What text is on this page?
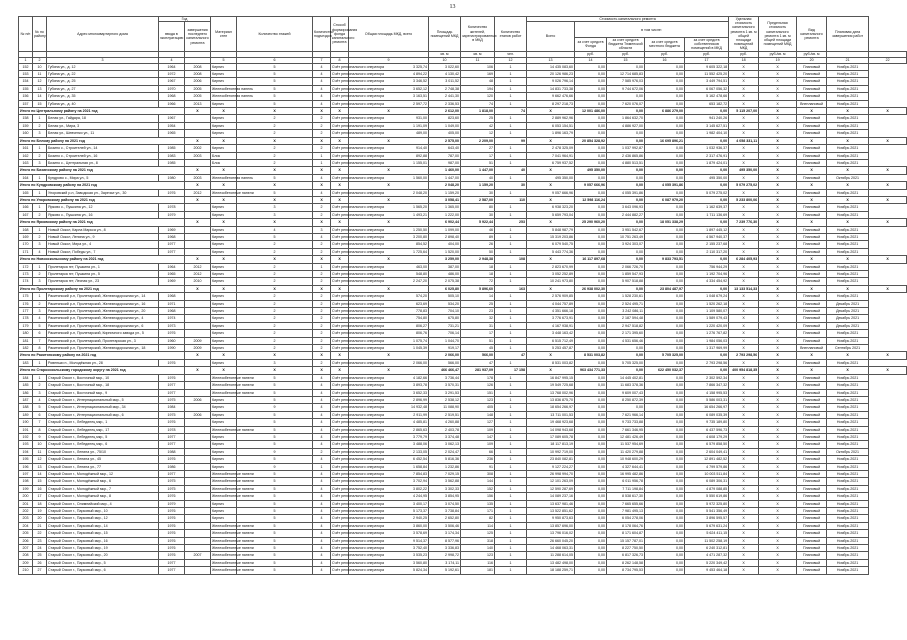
13
№ п/п	№ по району	Адрес многоквартирного дома	Год		Материал стен	Количество этажей	Количество подъездов	Способ формирования фонда капитального ремонта	Общая площадь МКД, всего	Площадь помещений МКД	Количество жителей, зарегистрированных в МКД	Количество этапов работ	Стоимость капитального ремонта					Удельная стоимость капитального ремонта 1 кв. м общей площади помещений МКД	Предельная стоимость капитального ремонта 1 кв. м общей площади помещений МКД	Вид капитального ремонта	Плановая дата завершения работ	
			ввода в эксплуатацию	завершения последнего капитального ремонта									Всего	в том числе:								
														за счет средств Фонда	за счет средств бюджета Тюменской области	за счет средств местного бюджета	за счет средств собственников помещений в МКД					
										кв. м	кв. м	чел.		руб.	руб.	руб.	руб.	руб.	руб./кв. м	руб./кв. м		
1	2	3	4		5	6	7	8	9	10	11	12	13	14	15	16	17	18	19	20	21	22
152	10	Губина ул., д. 12	1964	2008	Кирпич	5	4	Счёт регионального оператора	3 325,74	3 022,60	106	1	14 435 083,60	0,00	0,00	0,00	9 605 322,18	X	X	Плановый	Ноябрь 2021	
153	11	Губина ул., д. 22	1972	2008	Кирпич	5	4	Счёт регионального оператора	4 894,22	4 130,42	169	1	20 126 986,23	0,00	12 714 685,83	0,00	11 552 425,20	X	X	Плановый	Ноябрь 2021	
154	12	Губина ул., д. 25	1967	2006	Кирпич	5	4	Счёт регионального оператора	3 346,52	3 011,52	48	1	9 026 796,14	0,00	7 585 976,03	0,00	3 449 794,51	X	X	Плановый	Ноябрь 2021	
155	13	Губина ул., д. 27	1970	2005	Железобетонная панель	5	4	Счёт регионального оператора	3 652,12	2 748,38	194	1	14 831 733,38	0,00	9 744 672,06	0,00	6 067 056,32	X	X	Плановый	Ноябрь 2021	
156	14	Губина ул., д. 35	1968	2005	Железобетонная панель	5	4	Счёт регионального оператора	3 163,51	2 441,30	120	1	9 662 476,66	0,00	0,00	0,00	5 162 478,66	X	X	Плановый	Ноябрь 2021	
157	15	Губина ул., д. 40	1966	2013	Кирпич	5	4	Счёт регионального оператора	2 597,72	2 336,53	74	1	8 297 218,73	0,00	7 620 076,07	0,00	653 182,72	X	X	Внеплановый	Ноябрь 2021	
Итого по Центральному району на 2021 год				X	X	X	X	X	X	2 612,00	1 818,00	74	X	12 001 486,00	0,00	6 886 279,00	0,00	5 115 207,00	X	X	X	X
158	1	Белая ул., Гайдара, 18	1967		Кирпич	2	2	Счёт регионального оператора	931,00	823,60	25	1	2 889 962,96	0,00	1 864 632,70	0,00	941 240,26	X	X	Плановый	Ноябрь 2021	
159	2	Белая ул., Мира, 3	1954		Кирпич	2	2	Счёт регионального оператора	1 191,09	1 049,00	42	1	6 053 154,51	0,00	4 886 927,00	0,00	3 145 627,51	X	X	Плановый	Ноябрь 2021	
160	3	Белая ул., Шевченко ул., 11	1965		Кирпич	2	2	Счёт регионального оператора	489,00	405,00	12	1	1 896 163,79	0,00	0,00	0,00	1 982 404,10	X	X	Плановый	Ноябрь 2021	
Итого по Белому району на 2021 год				X	X	X	X	X	X	2 575,00	2 209,00	99	X	20 854 328,92	0,00	16 695 896,21	0,00	4 058 331,11	X	X	X	X
161	1	Бизино с., Строителей ул., 14	1985	2002	Кирпич	2	2	Счёт регионального оператора	914,40	643,40	27	1	2 478 325,09	0,00	1 037 992,87	0,00	1 032 936,37	X	X	Плановый	Ноябрь 2021	
162	2	Бизино с., Строителей ул., 16	1983	2003	Блок	2	1	Счёт регионального оператора	892,88	787,00	17	1	7 041 964,91	0,00	2 436 865,86	0,00	2 317 476,91	X	X	Плановый	Ноябрь 2021	
163	3	Бизино с., Центральная ул., 8	1985		Блок	2	1	Счёт регионального оператора	1 155,01	987,00	51	1	6 759 937,52	0,00	4 880 513,51	0,00	1 879 424,01	X	X	Плановый	Ноябрь 2021	
Итого по Бизинскому району на 2021 год				X	X	X	X	X	X	1 460,00	1 447,00	40	X	495 350,00	0,00	0,00	0,00	495 350,00	X	X	X	X
164	1	Кундрово с., Мира ул., 5	1980	2003	Железобетонная панель	5	4	Счёт регионального оператора	1 560,00	1 447,00	40	1	495 350,00	0,00	0,00	0,00	495 350,00	X	X	Плановый	Октябрь 2021	
Итого по Кундровскому району на 2021 год				X	X	X	X	X	X	2 048,20	1 159,20	30	X	9 057 666,96	0,00	4 055 391,86	0,00	5 079 275,02	X	X	X	X
165	1	Упоровский р-н, Заводская ул., Заречье ул., 30	1976	2012	Железобетонные панели	5	4	Счёт регионального оператора	2 048,20	1 159,20	30	1	9 057 666,96	0,00	4 055 391,86	0,00	5 079 275,02	X	X	Плановый	Ноябрь 2021	
Итого по Упоровскому району на 2021 год				X	X	X	X	X	X	3 058,41	2 587,00	110	X	12 598 116,24	0,00	6 087 979,20	0,00	5 233 800,06	X	X	X	X
166	1	Ярково с., Пушкина ул., 12	1978		Кирпич	3	2	Счёт регионального оператора	1 565,20	1 365,00	80	1	6 938 323,20	0,00	3 643 096,93	0,00	1 162 639,37	X	X	Плановый	Ноябрь 2021	
167	2	Ярково с., Пушкина ул., 16	1979		Кирпич	3	2	Счёт регионального оператора	1 493,21	1 222,00	30	1	5 659 793,04	0,00	2 444 882,27	0,00	1 711 136,69	X	X	Плановый	Ноябрь 2021	
Итого по Ярковскому району на 2021 год				X	X	X	X	X	X	6 902,44	5 922,44	253	X	25 290 960,20	0,00	18 051 338,29	0,00	7 239 776,30	X	X	X	X
168	1	Новый Оскол, Карла Маркса ул., 8	1969		Кирпич	4	3	Счёт регионального оператора	1 250,50	1 099,00	46	1	5 848 987,79	0,00	3 951 542,67	0,00	1 897 445,12	X	X	Плановый	Ноябрь 2021	
169	2	Новый Оскол, Ленина ул., 9	1968		Кирпич	5	4	Счёт регионального оператора	3 200,80	2 898,40	89	1	15 319 203,86	0,00	10 751 263,49	0,00	4 567 940,37	X	X	Плановый	Ноябрь 2021	
170	3	Новый Оскол, Мира ул., 4	1977		Кирпич	2	2	Счёт регионального оператора	854,52	404,00	26	1	6 079 540,75	0,00	3 924 303,07	0,00	2 155 237,68	X	X	Плановый	Ноябрь 2021	
171	4	Новый Оскол, Победы ул., 7	1977		Кирпич	2	2	Счёт регионального оператора	1 725,64	1 520,00	50	1	5 443 774,36	0,00	0,00	0,00	2 110 317,20	X	X	Плановый	Ноябрь 2021	
Итого по Новооскольскому району на 2021 год				X	X	X	X	X	X	3 259,00	2 948,38	108	X	16 117 897,68	0,00	9 833 793,51	0,00	6 284 405,93	X	X	X	X
172	1	Пролетарка пгт, Пушкина ул., 1	1964	2012	Кирпич	2	1	Счёт регионального оператора	463,00	387,00	18	1	2 823 670,99	0,00	2 066 726,70	0,00	756 944,29	X	X	Плановый	Ноябрь 2021	
173	2	Пролетарка пгт, Пушкина ул., 5	1965	2012	Кирпич	2	2	Счёт регионального оператора	548,80	486,00	18	1	3 052 252,89	0,00	1 859 547,93	0,00	1 192 704,96	X	X	Плановый	Ноябрь 2021	
174	3	Пролетарка пгт, Лесная ул., 23	1969	2010	Кирпич	2	2	Счёт регионального оператора	2 247,20	2 075,38	72	1	10 241 973,80	0,00	5 907 518,88	0,00	4 334 454,92	X	X	Плановый	Ноябрь 2021	
Итого по Пролетарскому району на 2021 год				X	X	X	X	X	X	6 025,80	5 896,60	163	X	26 938 002,30	0,00	23 804 487,97	0,00	13 133 514,33	X	X	X	X
175	1	Ракитянский р-н, Пролетарский, Железнодорожная ул., 14	1968		Кирпич	2	2	Счёт регионального оператора	574,20	505,10	14	1	2 576 909,85	0,00	1 528 230,61	0,00	1 048 679,24	X	X	Плановый	Ноябрь 2021	
176	2	Ракитянский р-н, Пролетарский, Железнодорожная ул., 16	1971		Кирпич	2	2	Счёт регионального оператора	623,69	534,20	25	1	4 044 757,89	0,00	2 524 495,71	0,00	1 520 262,18	X	X	Плановый	Декабрь 2021	
177	3	Ракитянский р-н, Пролетарский, Железнодорожная ул., 20	1968		Кирпич	2	2	Счёт регионального оператора	778,83	704,10	23	1	4 351 666,18	0,00	3 242 086,11	0,00	1 109 580,07	X	X	Плановый	Декабрь 2021	
178	4	Ракитянский р-н, Пролетарский, Железнодорожная ул., 4	1974		Кирпич	2	2	Счёт регионального оператора	754,80	675,80	32	1	3 776 673,91	0,00	2 187 594,48	0,00	1 589 079,43	X	X	Плановый	Декабрь 2021	
179	5	Ракитянский р-н, Пролетарский, Железнодорожная ул., 6	1973		Кирпич	2	2	Счёт регионального оператора	806,27	731,21	31	1	4 167 938,91	0,00	2 947 518,82	0,00	1 220 420,09	X	X	Плановый	Декабрь 2021	
180	6	Ракитянский р-н, Пролетарский, Кирпичного завода ул., 5	1976		Кирпич	2	2	Счёт регионального оператора	806,76	706,14	17	1	3 448 163,42	0,00	2 171 395,60	0,00	1 276 767,82	X	X	Плановый	Ноябрь 2021	
181	7	Ракитянский р-н, Пролетарский, Пролетарская ул., 3	1960	2009	Кирпич	2	2	Счёт регионального оператора	1 075,74	1 044,70	51	1	6 515 712,49	0,00	4 531 656,46	0,00	1 984 056,03	X	X	Плановый	Ноябрь 2021	
182	8	Ракитянский р-н, Пролетарский, Железнодорожная ул., 18	1990	2009	Кирпич	2	2	Счёт регионального оператора	1 045,39	919,17	45	1	5 253 457,87	0,00	0,00	0,00	1 317 969,99	X	X	Внеплановый	Сентябрь 2021	
Итого по Ракитянскому району на 2021 год				X	X	X	X	X	X	2 066,00	566,00	47	X	8 531 003,82	0,00	5 705 325,00	0,00	2 793 298,56	X	X	X	X
183	1	Ровеньки п., Молодёжная ул., 28	1976		Кирпич	3	2	Счёт регионального оператора	2 066,00	566,00	47	1	8 531 003,82	0,00	5 705 325,00	0,00	2 793 298,56	X	X	Плановый	Ноябрь 2021	
Итого по Старооскольскому городскому округу на 2021 год				X	X	X	X	X	X	466 466,47	281 937,09	17 158	X	963 434 771,33	0,00	622 450 032,37	0,00	400 954 818,35	X	X	X	X
184	1	Старый Оскол г., Восточный мкр., 10	1976		Железобетонные панели	5	4	Счёт регионального оператора	4 182,66	3 736,44	178	1	16 847 995,15	0,00	14 445 402,81	0,00	2 302 592,34	X	X	Плановый	Ноябрь 2021	
185	2	Старый Оскол г., Восточный мкр., 18	1977		Железобетонные панели	5	4	Счёт регионального оператора	3 893,78	3 570,31	126	1	19 549 725,68	0,00	11 683 378,36	0,00	7 866 347,32	X	X	Плановый	Ноябрь 2021	
186	3	Старый Оскол г., Восточный мкр., 9	1977		Железобетонные панели	5	4	Счёт регионального оператора	3 652,33	3 291,53	151	1	13 768 002,96	0,00	9 609 007,43	0,00	4 158 995,53	X	X	Плановый	Ноябрь 2021	
187	4	Старый Оскол г., Интернациональный мкр., 5	1975	2006	Кирпич	5	4	Счёт регионального оператора	2 896,99	2 538,12	123	1	13 836 875,70	0,00	8 250 872,39	0,00	5 586 003,31	X	X	Плановый	Ноябрь 2021	
188	5	Старый Оскол г., Интернациональный мкр., 34	1984		Кирпич	9	4	Счёт регионального оператора	14 932,48	11 088,90	405	1	18 654 266,97	0,00	0,00	0,00	16 654 266,97	X	X	Плановый	Ноябрь 2021	
189	6	Старый Оскол г., Интернациональный мкр., 6	1975	2006	Кирпич	5	4	Счёт регионального оператора	2 911,99	2 519,51	148	1	13 711 001,53	0,00	7 621 966,14	0,00	6 089 035,39	X	X	Плановый	Ноябрь 2021	
190	7	Старый Оскол г., Лебединец мкр., 1	1976		Кирпич	5	4	Счёт регионального оператора	4 485,81	4 260,88	127	1	19 468 923,68	0,00	9 733 733,88	0,00	9 735 189,80	X	X	Плановый	Ноябрь 2021	
191	8	Старый Оскол г., Лебединец мкр., 17	1978		Железобетонные панели	5	4	Счёт регионального оператора	2 865,63	2 403,78	109	1	14 098 943,68	0,00	7 661 346,95	0,00	6 437 596,73	X	X	Плановый	Ноябрь 2021	
192	9	Старый Оскол г., Лебединец мкр., 5	1977		Кирпич	5	4	Счёт регионального оператора	3 779,79	3 374,48	147	1	17 089 605,78	0,00	12 481 426,49	0,00	4 608 179,29	X	X	Плановый	Ноябрь 2021	
193	10	Старый Оскол г., Лебединец мкр., 6	1977		Кирпич	5	4	Счёт регионального оператора	3 488,06	3 062,13	109	1	18 117 813,19	0,00	11 537 954,69	0,00	6 579 858,50	X	X	Плановый	Ноябрь 2021	
194	11	Старый Оскол г., Ленина ул., 75/10	1988		Кирпич	9	2	Счёт регионального оператора	2 133,05	2 024,47	66	1	10 992 719,00	0,00	11 420 279,88	0,00	2 604 049,41	X	X	Плановый	Октябрь 2021	
195	12	Старый Оскол г., Ленина ул., 45	1976		Кирпич	5	4	Счёт регионального оператора	6 452,54	5 816,36	236	1	23 840 082,81	0,00	10 948 600,29	0,00	12 891 482,52	X	X	Плановый	Ноябрь 2021	
196	13	Старый Оскол г., Ленина ул., 77	1986		Кирпич	9	1	Счёт регионального оператора	1 658,84	1 232,86	91	1	9 127 224,27	0,00	4 327 644,41	0,00	4 799 579,86	X	X	Плановый	Ноябрь 2021	
197	14	Старый Оскол г., Молодёжный мкр., 12	1977		Железобетонные панели	5	4	Счёт регионального оператора	7 854,83	7 029,15	308	1	26 998 994,70	0,00	16 995 482,86	0,00	10 003 511,84	X	X	Плановый	Ноябрь 2021	
198	15	Старый Оскол г., Молодёжный мкр., 6	1975		Железобетонные панели	5	4	Счёт регионального оператора	3 702,94	3 562,88	144	1	12 101 263,09	0,00	6 011 956,78	0,00	6 089 306,31	X	X	Плановый	Ноябрь 2021	
199	16	Старый Оскол г., Молодёжный мкр., 7	1975		Железобетонные панели	5	4	Счёт регионального оператора	3 802,22	3 302,33	152	1	12 590 287,69	0,00	7 711 198,84	0,00	4 879 088,85	X	X	Плановый	Ноябрь 2021	
200	17	Старый Оскол г., Молодёжный мкр., 8	1976		Железобетонные панели	5	4	Счёт регионального оператора	4 244,95	3 854,95	156	1	14 089 237,16	0,00	8 538 617,30	0,00	5 550 619,86	X	X	Плановый	Ноябрь 2021	
201	18	Старый Оскол г., Олимпийский мкр., 4	1979		Кирпич	5	4	Счёт регионального оператора	3 400,17	3 074,50	135	1	13 637 981,46	0,00	7 665 655,66	0,00	5 972 325,80	X	X	Плановый	Ноябрь 2021	
202	19	Старый Оскол г., Парковый мкр., 10	1976		Кирпич	5	4	Счёт регионального оператора	5 173,37	3 738,84	171	1	13 522 851,62	0,00	7 981 495,13	0,00	5 541 356,49	X	X	Плановый	Ноябрь 2021	
203	20	Старый Оскол г., Парковый мкр., 12	1976		Кирпич	5	4	Счёт регионального оператора	2 940,25	2 652,80	82	1	9 950 873,63	0,00	6 054 278,06	0,00	3 896 595,57	X	X	Плановый	Ноябрь 2021	
204	21	Старый Оскол г., Парковый мкр., 14	1976		Железобетонные панели	5	4	Счёт регионального оператора	3 860,00	3 506,46	114	1	13 857 696,00	0,00	8 178 064,76	0,00	5 679 631,24	X	X	Плановый	Ноябрь 2021	
205	22	Старый Оскол г., Парковый мкр., 15	1976		Железобетонные панели	5	4	Счёт регионального оператора	3 578,69	3 174,34	125	1	13 796 016,02	0,00	8 171 604,87	0,00	5 624 411,15	X	X	Плановый	Ноябрь 2021	
206	23	Старый Оскол г., Парковый мкр., 16	1976		Железобетонные панели	5	4	Счёт регионального оператора	9 514,37	8 577,96	318	1	26 660 045,20	0,00	15 157 787,01	0,00	11 502 258,19	X	X	Плановый	Ноябрь 2021	
207	24	Старый Оскол г., Парковый мкр., 19	1976		Железобетонные панели	5	4	Счёт регионального оператора	3 752,40	3 336,83	140	1	14 468 063,31	0,00	8 227 750,50	0,00	6 240 312,81	X	X	Плановый	Ноябрь 2021	
208	25	Старый Оскол г., Парковый мкр., 20	1976	2007	Железобетонные панели	5	4	Счёт регионального оператора	3 535,23	2 998,72	123	1	11 288 614,05	0,00	6 817 326,73	0,00	4 471 287,32	X	X	Плановый	Ноябрь 2021	
209	26	Старый Оскол г., Парковый мкр., 5	1977		Железобетонные панели	5	4	Счёт регионального оператора	3 560,80	3 174,11	116	1	13 482 498,00	0,00	8 262 148,58	0,00	5 220 349,42	X	X	Плановый	Ноябрь 2021	
210	27	Старый Оскол г., Парковый мкр., 6	1977		Железобетонные панели	5	4	Счёт регионального оператора	5 824,34	5 192,61	181	1	18 188 259,71	0,00	8 734 795,53	0,00	9 453 464,18	X	X	Плановый	Ноябрь 2021	
